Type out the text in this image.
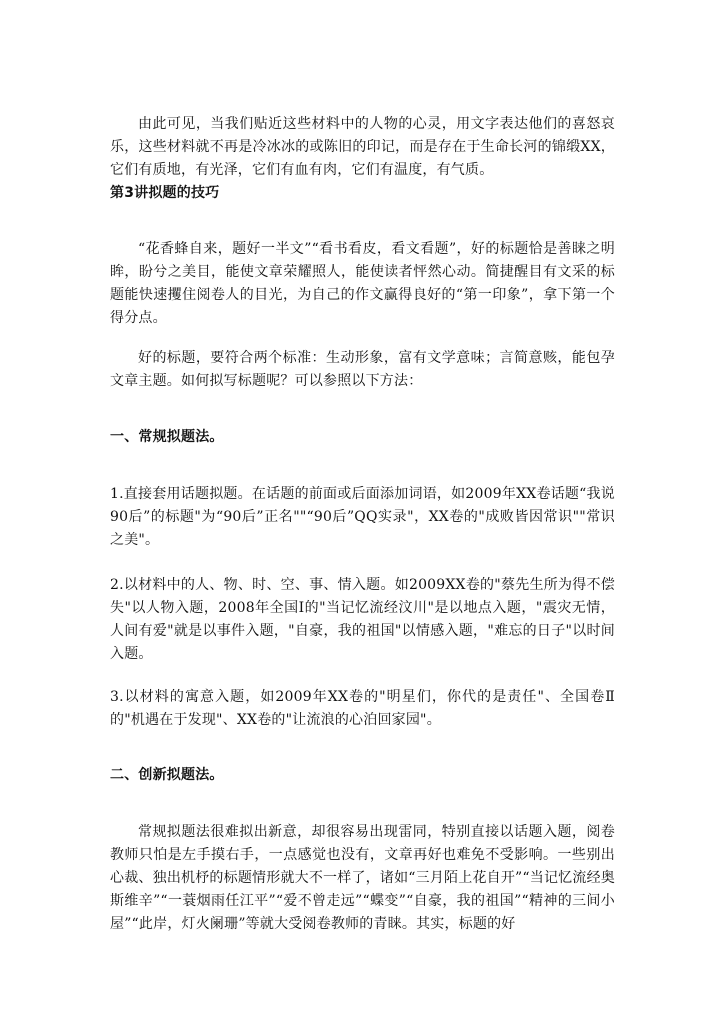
由此可见，当我们贴近这些材料中的人物的心灵，用文字表达他们的喜怒哀乐，这些材料就不再是冷冰冰的或陈旧的印记，而是存在于生命长河的锦缎XX，它们有质地，有光泽，它们有血有肉，它们有温度，有气质。
第3讲拟题的技巧
“花香蜂自来，题好一半文”“看书看皮，看文看题”，好的标题恰是善睐之明眸，盼兮之美目，能使文章荣耀照人，能使读者怦然心动。简捷醒目有文采的标题能快速攫住阅卷人的目光，为自己的作文赢得良好的“第一印象”，拿下第一个得分点。
好的标题，要符合两个标准：生动形象，富有文学意味；言简意赅，能包孕文章主题。如何拟写标题呢？可以参照以下方法：
一、常规拟题法。
1.直接套用话题拟题。在话题的前面或后面添加词语，如2009年XX卷话题“我说90后”的标题"为“90后”正名""“90后”QQ实录"，XX卷的"成败皆因常识""常识之美"。
2.以材料中的人、物、时、空、事、情入题。如2009XX卷的"蔡先生所为得不偿失"以人物入题，2008年全国Ⅰ的"当记忆流经汶川"是以地点入题，"震灾无情，人间有爱"就是以事件入题，"自豪，我的祖国"以情感入题，"难忘的日子"以时间入题。
3.以材料的寓意入题，如2009年XX卷的"明星们，你代的是责任"、全国卷Ⅱ的"机遇在于发现"、XX卷的"让流浪的心泊回家园"。
二、创新拟题法。
常规拟题法很难拟出新意，却很容易出现雷同，特别直接以话题入题，阅卷教师只怕是左手摸右手，一点感觉也没有，文章再好也难免不受影响。一些别出心裁、独出机杼的标题情形就大不一样了，诸如“三月陌上花自开”“当记忆流经奥斯维辛”“一蓑烟雨任江平”“爱不曾走远”“蝶变”“自豪，我的祖国”“精神的三间小屋”“此岸，灯火阑珊”等就大受阅卷教师的青睐。其实，标题的好
